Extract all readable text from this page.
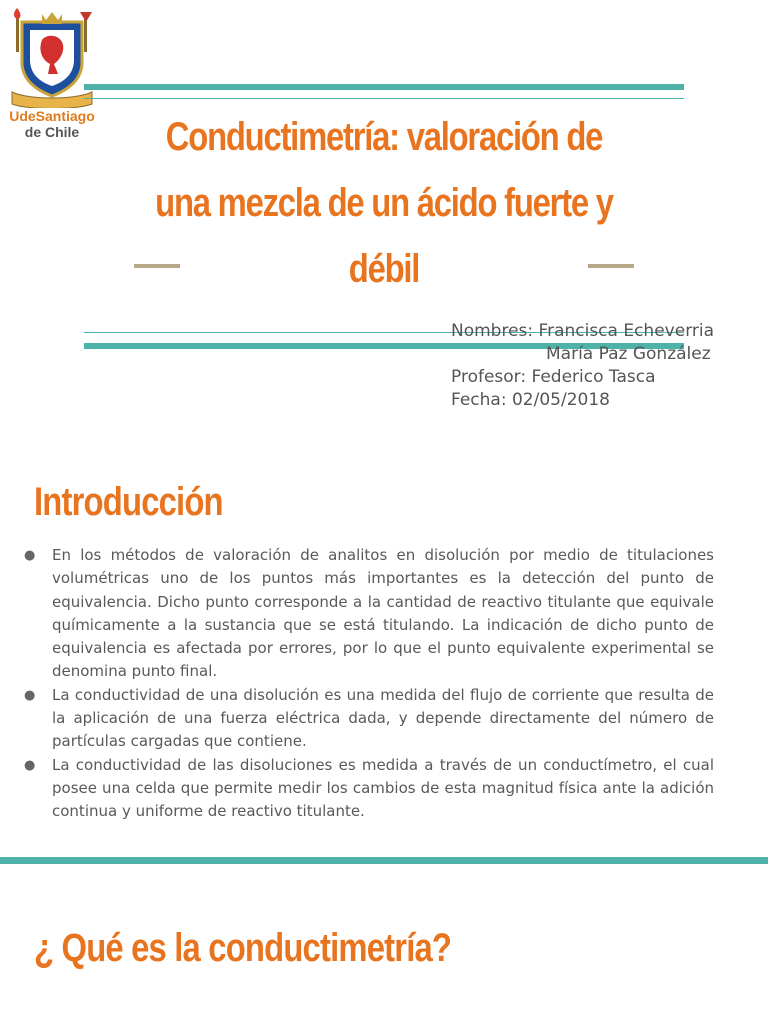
UdeSantiago
de Chile	Conductimetría: valoración de una mezcla de un ácido fuerte y débil
Nombres: Francisca Echeverria
María Paz González
Profesor: Federico Tasca
Fecha: 02/05/2018
Introducción
● En los métodos de valoración de analitos en disolución por medio de titulaciones volumétricas uno de los puntos más importantes es la detección del punto de equivalencia. Dicho punto corresponde a la cantidad de reactivo titulante que equivale químicamente a la sustancia que se está titulando. La indicación de dicho punto de equivalencia es afectada por errores, por lo que el punto equivalente experimental se denomina punto final.
● La conductividad de una disolución es una medida del flujo de corriente que resulta de la aplicación de una fuerza eléctrica dada, y depende directamente del número de partículas cargadas que contiene.
● La conductividad de las disoluciones es medida a través de un conductímetro, el cual posee una celda que permite medir los cambios de esta magnitud física ante la adición continua y uniforme de reactivo titulante.
¿ Qué es la conductimetría?
